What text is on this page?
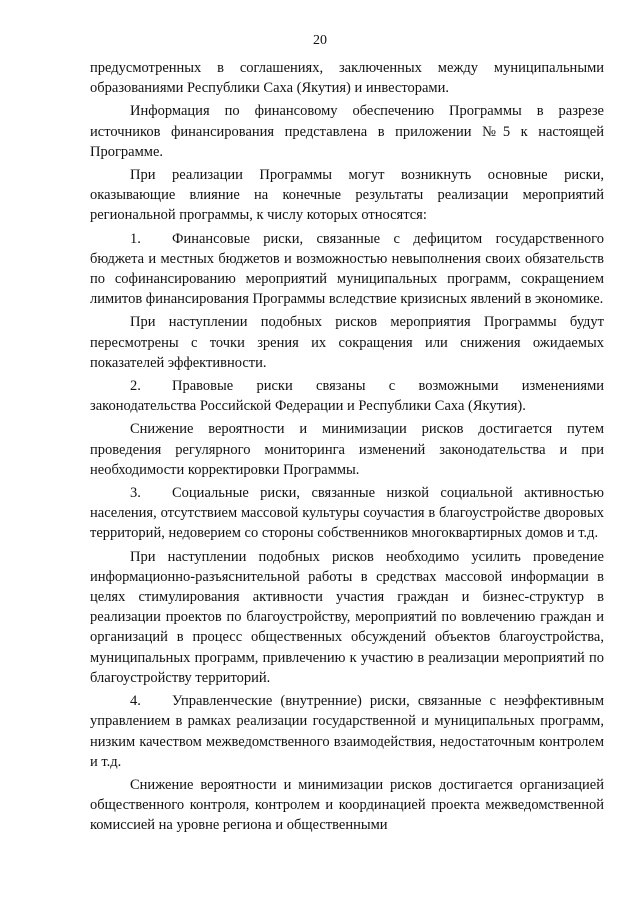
20

предусмотренных в соглашениях, заключенных между муниципальными образованиями Республики Саха (Якутия) и инвесторами.

Информация по финансовому обеспечению Программы в разрезе источников финансирования представлена в приложении №5 к настоящей Программе.

При реализации Программы могут возникнуть основные риски, оказывающие влияние на конечные результаты реализации мероприятий региональной программы, к числу которых относятся:

1. Финансовые риски, связанные с дефицитом государственного бюджета и местных бюджетов и возможностью невыполнения своих обязательств по софинансированию мероприятий муниципальных программ, сокращением лимитов финансирования Программы вследствие кризисных явлений в экономике.

При наступлении подобных рисков мероприятия Программы будут пересмотрены с точки зрения их сокращения или снижения ожидаемых показателей эффективности.

2. Правовые риски связаны с возможными изменениями законодательства Российской Федерации и Республики Саха (Якутия).

Снижение вероятности и минимизации рисков достигается путем проведения регулярного мониторинга изменений законодательства и при необходимости корректировки Программы.

3. Социальные риски, связанные низкой социальной активностью населения, отсутствием массовой культуры соучастия в благоустройстве дворовых территорий, недоверием со стороны собственников многоквартирных домов и т.д.

При наступлении подобных рисков необходимо усилить проведение информационно-разъяснительной работы в средствах массовой информации в целях стимулирования активности участия граждан и бизнес-структур в реализации проектов по благоустройству, мероприятий по вовлечению граждан и организаций в процесс общественных обсуждений объектов благоустройства, муниципальных программ, привлечению к участию в реализации мероприятий по благоустройству территорий.

4. Управленческие (внутренние) риски, связанные с неэффективным управлением в рамках реализации государственной и муниципальных программ, низким качеством межведомственного взаимодействия, недостаточным контролем и т.д.

Снижение вероятности и минимизации рисков достигается организацией общественного контроля, контролем и координацией проекта межведомственной комиссией на уровне региона и общественными
